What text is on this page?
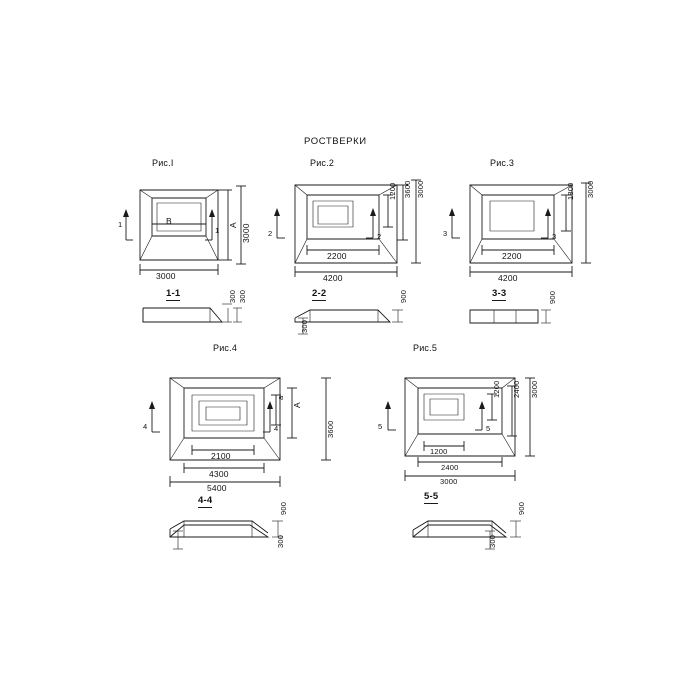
РОСТВЕРКИ
Рис.I	Рис.2	Рис.3
Рис.4	Рис.5
1
1
А 3000
В
3000
1-1	300 300
2	2
1200 3600 3000
2200
4200
2-2
300
900
3	3
1800 3000
2200
4200
3-3	900
4	4
а
А
3600
2100
4300
5400
4-4
900
300
5	5
1200 2400 3000
1200
2400
3000
5-5
900
300
